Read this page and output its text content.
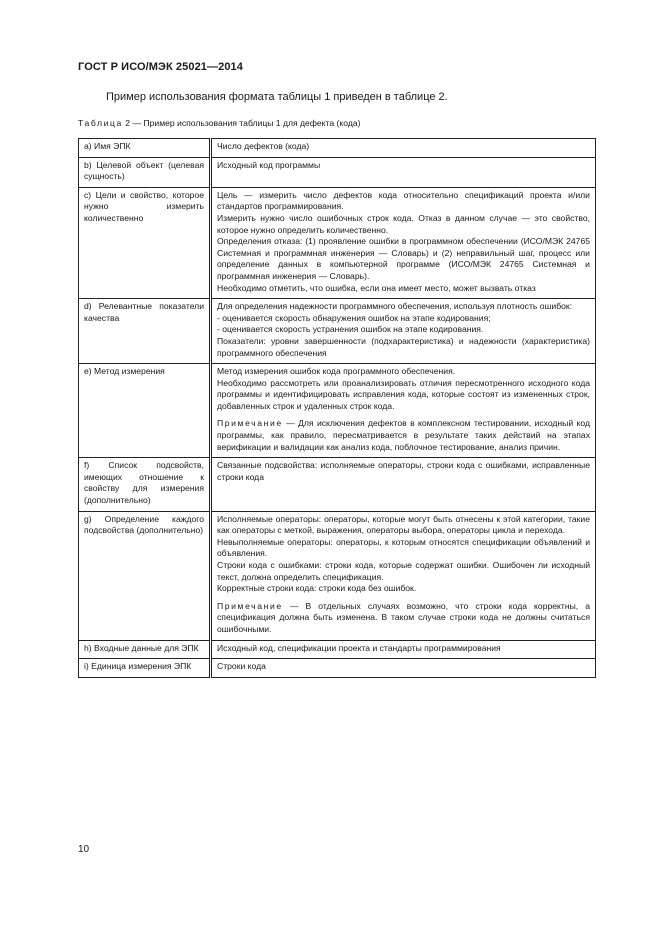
ГОСТ Р ИСО/МЭК 25021—2014
Пример использования формата таблицы 1 приведен в таблице 2.
Таблица 2 — Пример использования таблицы 1 для дефекта (кода)
a) Имя ЭПК	Число дефектов (кода)

b) Целевой объект (целевая сущность)	Исходный код программы

c) Цели и свойство, которое нужно измерить количественно	Цель — измерить число дефектов кода относительно спецификаций проекта и/или стандартов программирования.
Измерить нужно число ошибочных строк кода. Отказ в данном случае — это свойство, которое нужно определить количественно.
Определения отказа: (1) проявление ошибки в программном обеспечении (ИСО/МЭК 24765 Системная и программная инженерия — Словарь) и (2) неправильный шаг, процесс или определение данных в компьютерной программе (ИСО/МЭК 24765 Системная и программная инженерия — Словарь).
Необходимо отметить, что ошибка, если она имеет место, может вызвать отказ

d) Релевантные показатели качества	Для определения надежности программного обеспечения, используя плотность ошибок:
- оценивается скорость обнаружения ошибок на этапе кодирования;
- оценивается скорость устранения ошибок на этапе кодирования.
Показатели: уровни завершенности (подхарактеристика) и надежности (характеристика) программного обеспечения

e) Метод измерения	Метод измерения ошибок кода программного обеспечения.
Необходимо рассмотреть или проанализировать отличия пересмотренного исходного кода программы и идентифицировать исправления кода, которые состоят из измененных строк, добавленных строк и удаленных строк кода.
Примечание — Для исключения дефектов в комплексном тестировании, исходный код программы, как правило, пересматривается в результате таких действий на этапах верификации и валидации как анализ кода, поблочное тестирование, анализ причин.

f) Список подсвойств, имеющих отношение к свойству для измерения (дополнительно)	Связанные подсвойства: исполняемые операторы, строки кода с ошибками, исправленные строки кода

g) Определение каждого подсвойства (дополнительно)	Исполняемые операторы: операторы, которые могут быть отнесены к этой категории, такие как операторы с меткой, выражения, операторы выбора, операторы цикла и перехода.
Невыполняемые операторы: операторы, к которым относятся спецификации объявлений и объявления.
Строки кода с ошибками: строки кода, которые содержат ошибки. Ошибочен ли исходный текст, должна определить спецификация.
Корректные строки кода: строки кода без ошибок.
Примечание — В отдельных случаях возможно, что строки кода корректны, а спецификация должна быть изменена. В таком случае строки кода не должны считаться ошибочными.

h) Входные данные для ЭПК	Исходный код, спецификации проекта и стандарты программирования

i) Единица измерения ЭПК	Строки кода
10
